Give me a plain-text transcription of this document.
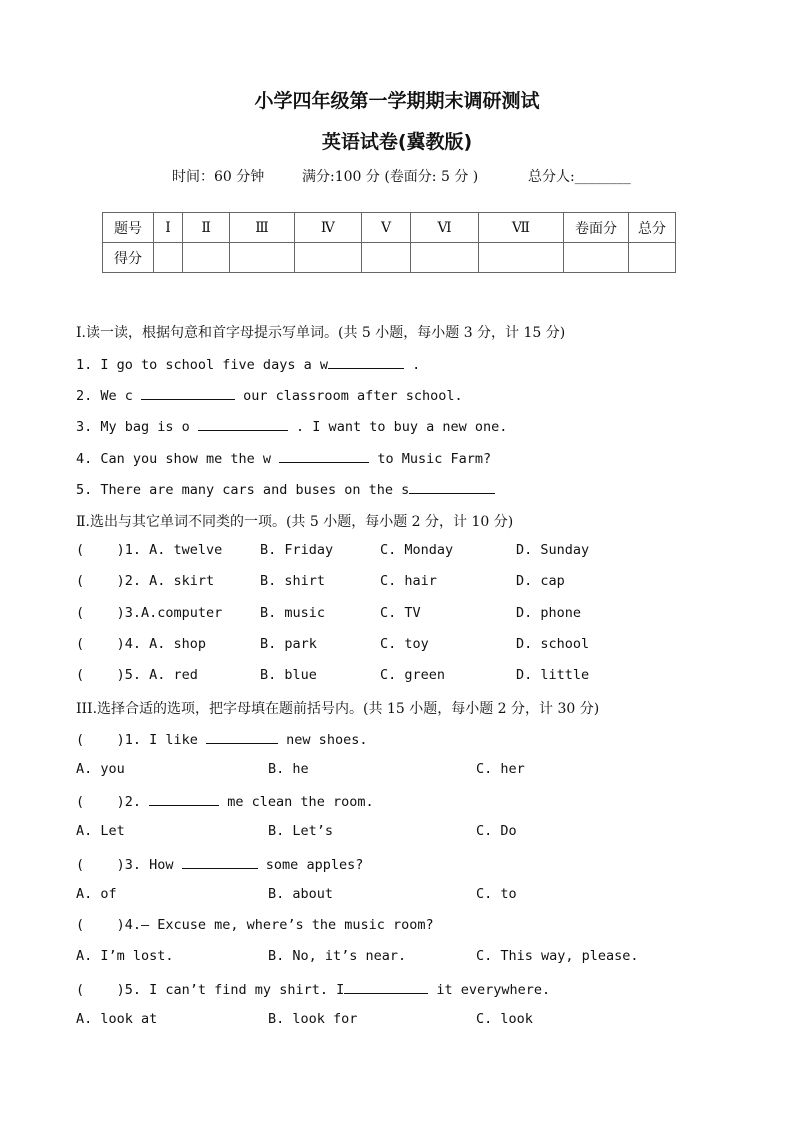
小学四年级第一学期期末调研测试
英语试卷(冀教版)
时间：60 分钟	满分:100 分 (卷面分: 5 分 )	总分人:________
题号	Ⅰ	Ⅱ	Ⅲ	Ⅳ	Ⅴ	Ⅵ	Ⅶ	卷面分	总分
得分									
Ⅰ.读一读，根据句意和首字母提示写单词。(共 5 小题，每小题 3 分，计 15 分)
1. I go to school five days a w	.
2. We c	our classroom after school.
3. My bag is o	. I want to buy a new one.
4. Can you show me the w	to Music Farm?
5. There are many cars and buses on the s
Ⅱ.选出与其它单词不同类的一项。(共 5 小题，每小题 2 分，计 10 分)
(    )1. A. twelve	B. Friday	C. Monday	D. Sunday
(    )2. A. skirt	B. shirt	C. hair	D. cap
(    )3.A.computer	B. music	C. TV	D. phone
(    )4. A. shop	B. park	C. toy	D. school
(    )5. A. red	B. blue	C. green	D. little
III.选择合适的选项，把字母填在题前括号内。(共 15 小题，每小题 2 分，计 30 分)
(    )1. I like	new shoes.
A. you	B. he	C. her
(    )2.	me clean the room.
A. Let	B. Let’s	C. Do
(    )3. How	some apples?
A. of	B. about	C. to
(    )4.— Excuse me, where’s the music room?
A. I’m lost.	B. No, it’s near.	C. This way, please.
(    )5. I can’t find my shirt. I	it everywhere.
A. look at	B. look for	C. look
